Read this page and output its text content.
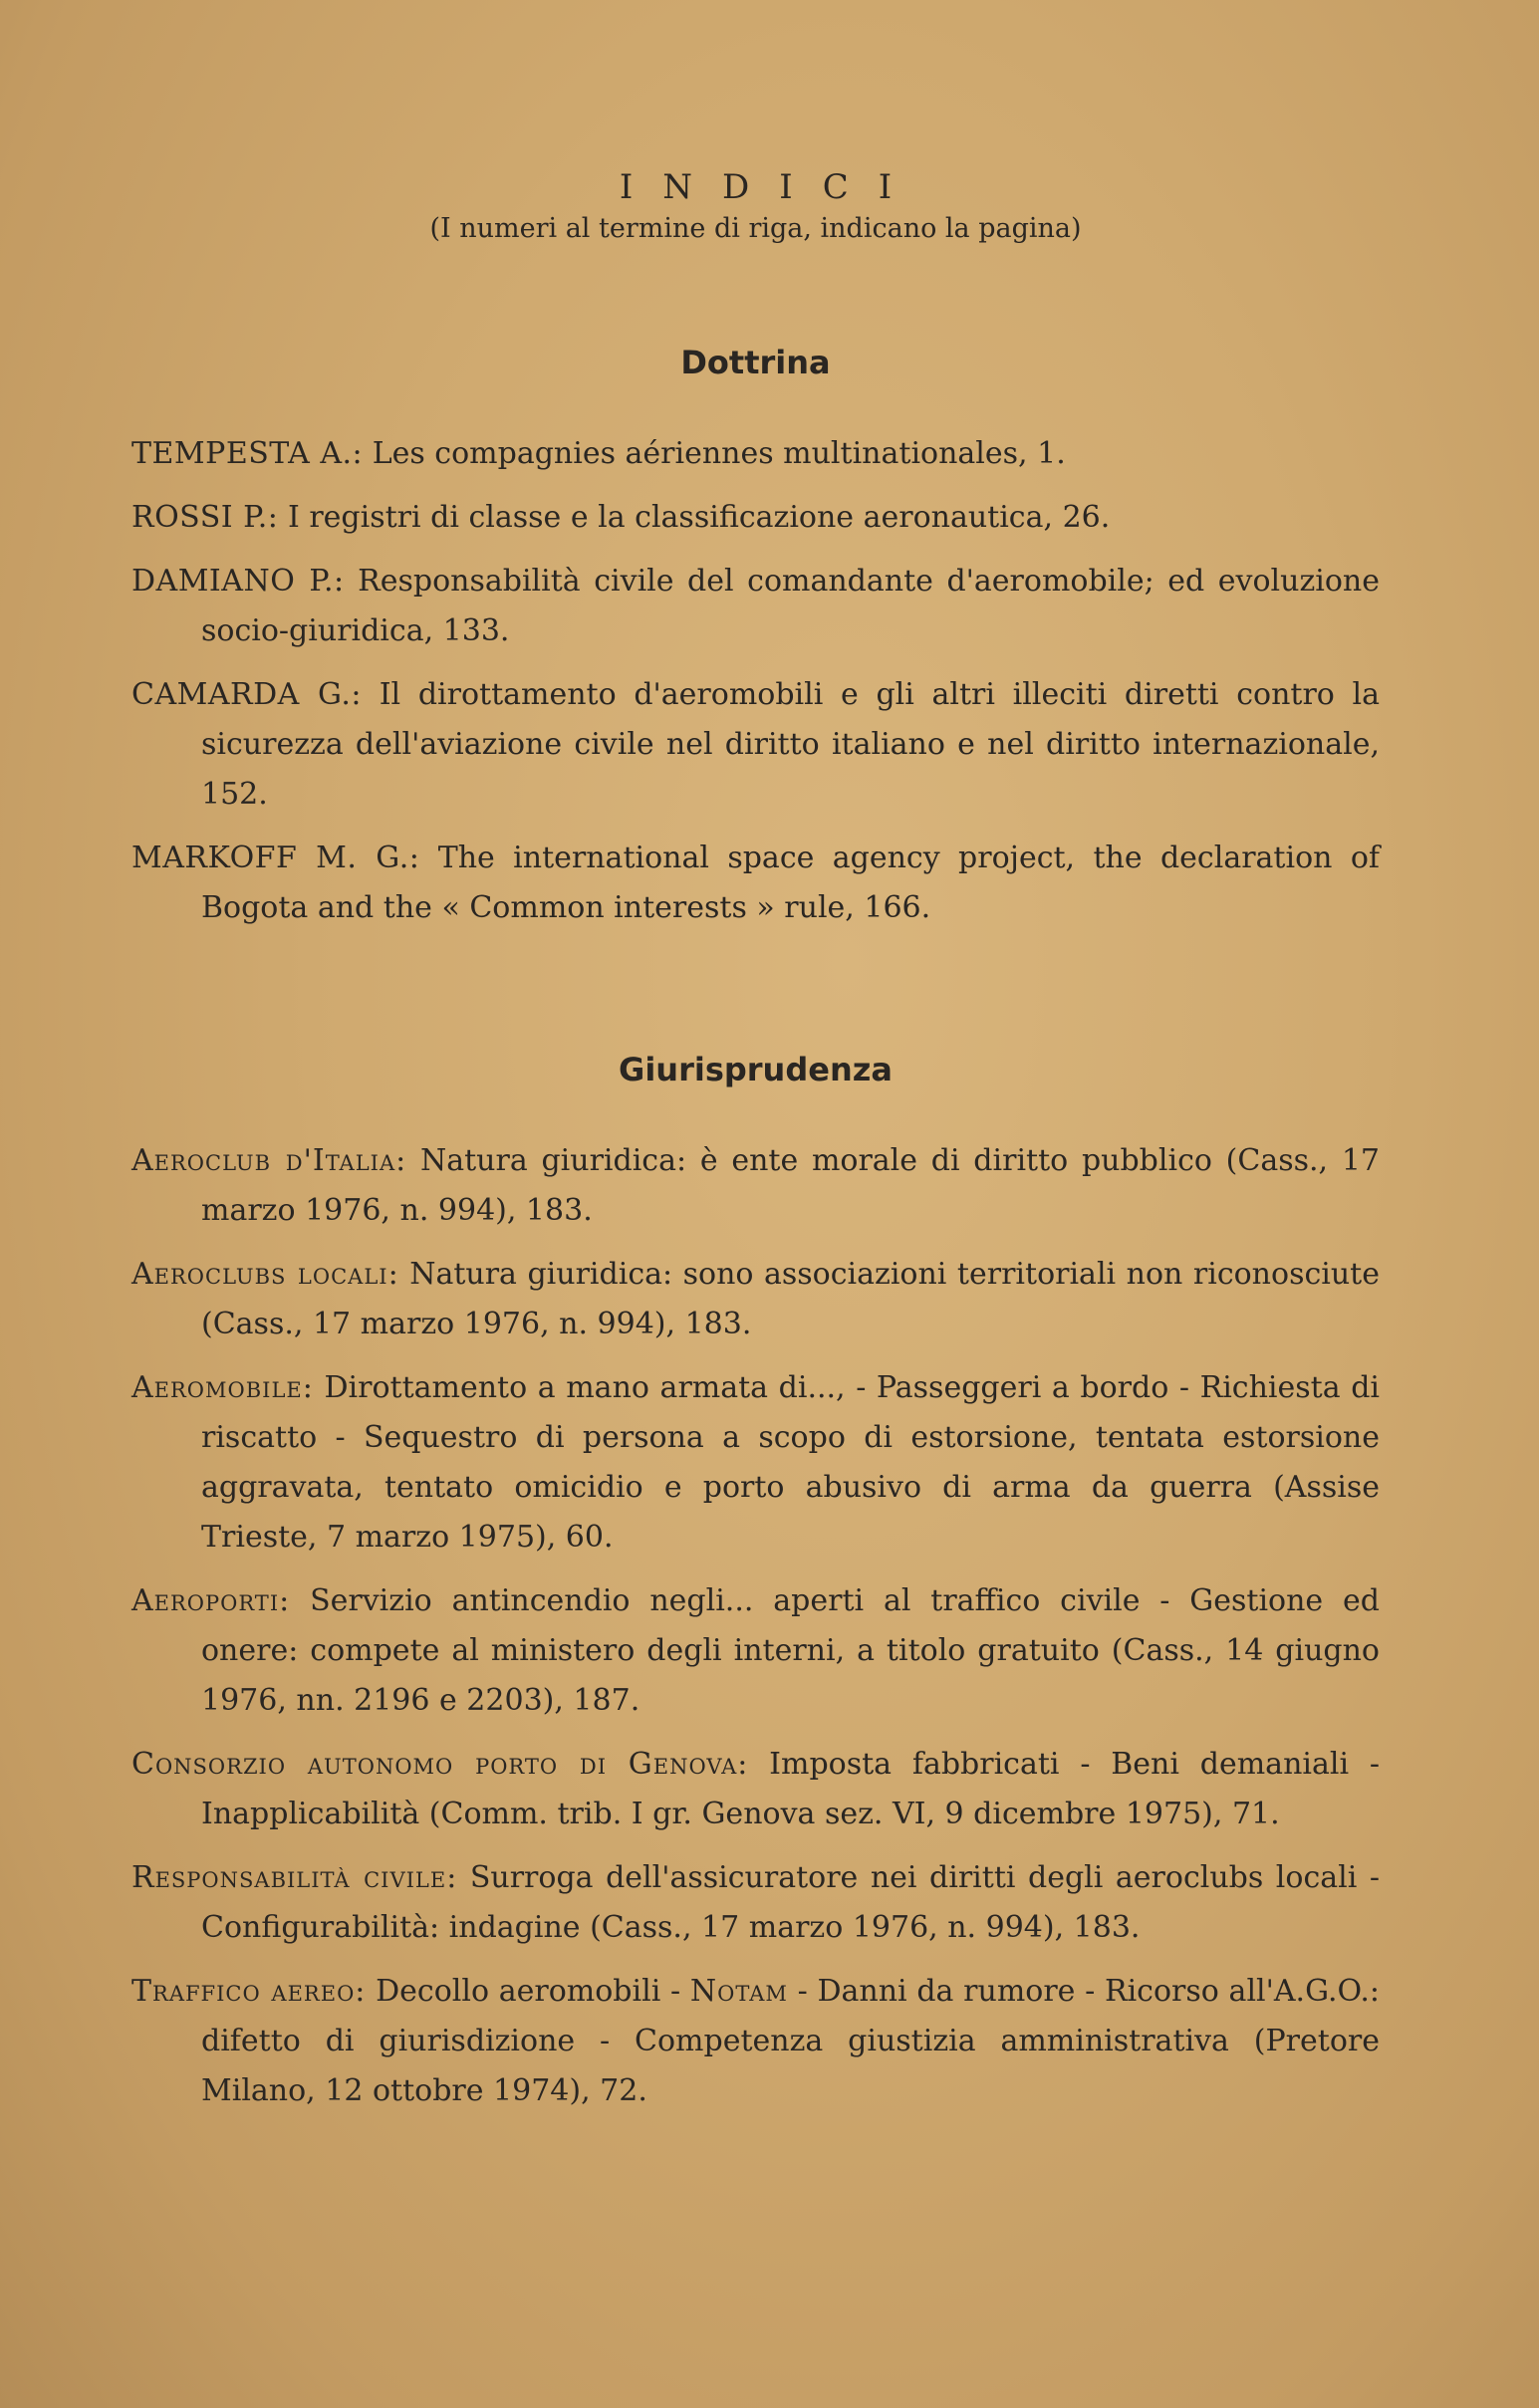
INDICI
(I numeri al termine di riga, indicano la pagina)
Dottrina

TEMPESTA A.: Les compagnies aériennes multinationales, 1.

ROSSI P.: I registri di classe e la classificazione aeronautica, 26.

DAMIANO P.: Responsabilità civile del comandante d'aeromobile; ed evoluzione socio-giuridica, 133.

CAMARDA G.: Il dirottamento d'aeromobili e gli altri illeciti diretti contro la sicurezza dell'aviazione civile nel diritto italiano e nel diritto internazionale, 152.

MARKOFF M. G.: The international space agency project, the declaration of Bogota and the « Common interests » rule, 166.

Giurisprudenza

Aeroclub d'Italia: Natura giuridica: è ente morale di diritto pubblico (Cass., 17 marzo 1976, n. 994), 183.

Aeroclubs locali: Natura giuridica: sono associazioni territoriali non riconosciute (Cass., 17 marzo 1976, n. 994), 183.

Aeromobile: Dirottamento a mano armata di..., - Passeggeri a bordo - Richiesta di riscatto - Sequestro di persona a scopo di estorsione, tentata estorsione aggravata, tentato omicidio e porto abusivo di arma da guerra (Assise Trieste, 7 marzo 1975), 60.

Aeroporti: Servizio antincendio negli... aperti al traffico civile - Gestione ed onere: compete al ministero degli interni, a titolo gratuito (Cass., 14 giugno 1976, nn. 2196 e 2203), 187.

Consorzio autonomo porto di Genova: Imposta fabbricati - Beni demaniali - Inapplicabilità (Comm. trib. I gr. Genova sez. VI, 9 dicembre 1975), 71.

Responsabilità civile: Surroga dell'assicuratore nei diritti degli aeroclubs locali - Configurabilità: indagine (Cass., 17 marzo 1976, n. 994), 183.

Traffico aereo: Decollo aeromobili - Notam - Danni da rumore - Ricorso all'A.G.O.: difetto di giurisdizione - Competenza giustizia amministrativa (Pretore Milano, 12 ottobre 1974), 72.
